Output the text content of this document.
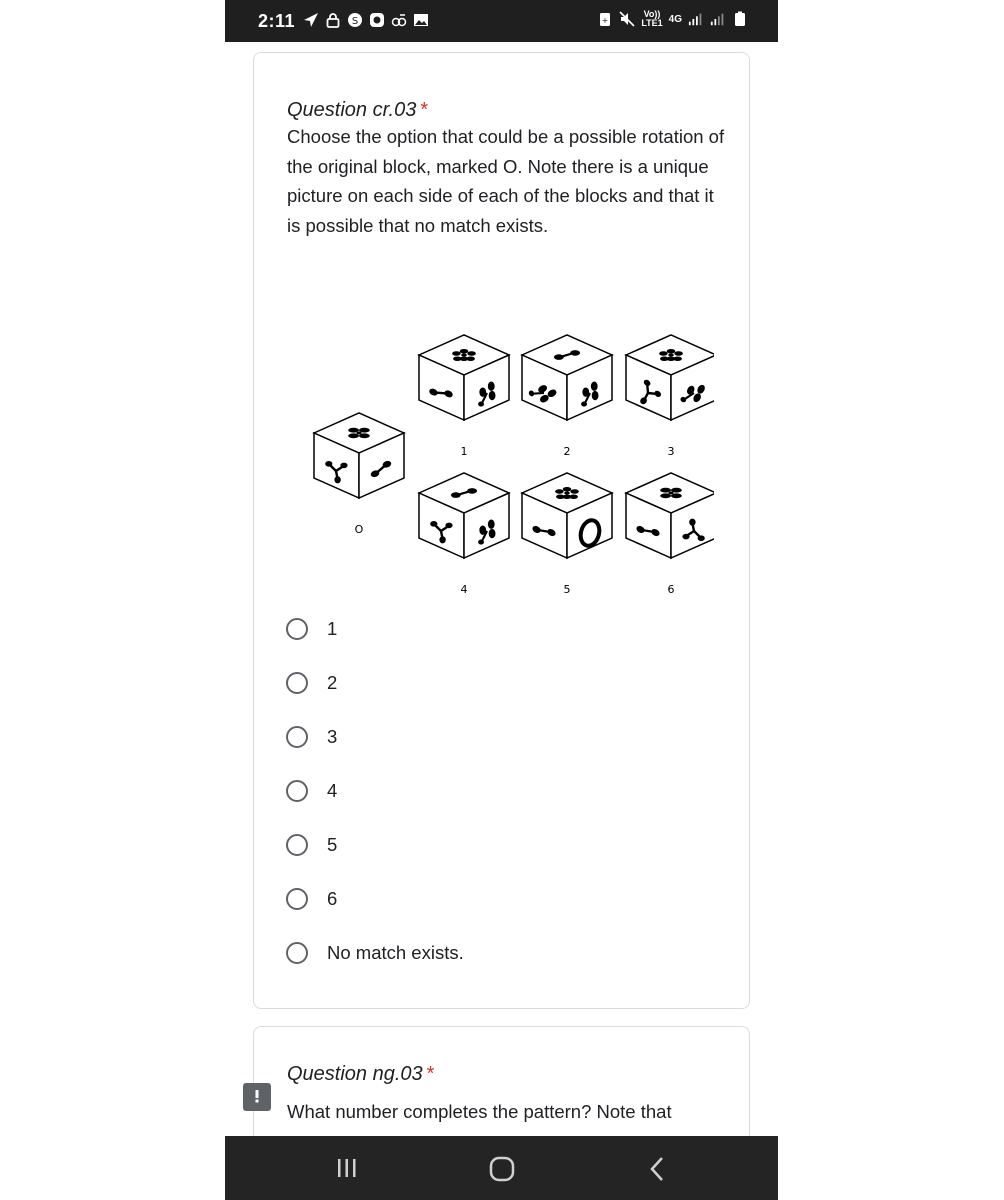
2:11	S	+
Vo))
LTE1 4G
Question cr.03 *
Choose the option that could be a possible rotation of the original block, marked O. Note there is a unique picture on each side of each of the blocks and that it is possible that no match exists.
O
1	2	3
4	5	6
1
2
3
4
5
6
No match exists.
Question ng.03 *
What number completes the pattern? Note that
